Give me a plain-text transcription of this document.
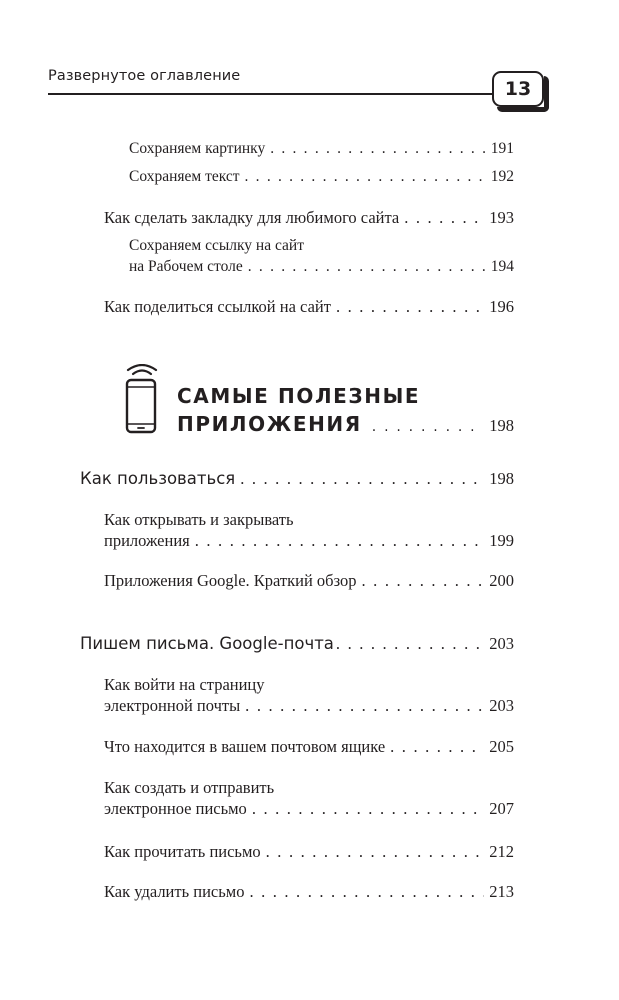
Развернутое оглавление
13
Сохраняем картинку . . .	191
Сохраняем текст . . .	192
Как сделать закладку для любимого сайта . . .	193
Сохраняем ссылку на сайт
на Рабочем столе . . .	194
Как поделиться ссылкой на сайт . . .	196
САМЫЕ ПОЛЕЗНЫЕ
ПРИЛОЖЕНИЯ . . .	198
Как пользоваться . . .	198
Как открывать и закрывать
приложения . . .	199
Приложения Google. Краткий обзор . . .	200
Пишем письма. Google-почта . . .	203
Как войти на страницу
электронной почты . . .	203
Что находится в вашем почтовом ящике . . .	205
Как создать и отправить
электронное письмо . . .	207
Как прочитать письмо . . .	212
Как удалить письмо . . .	213
